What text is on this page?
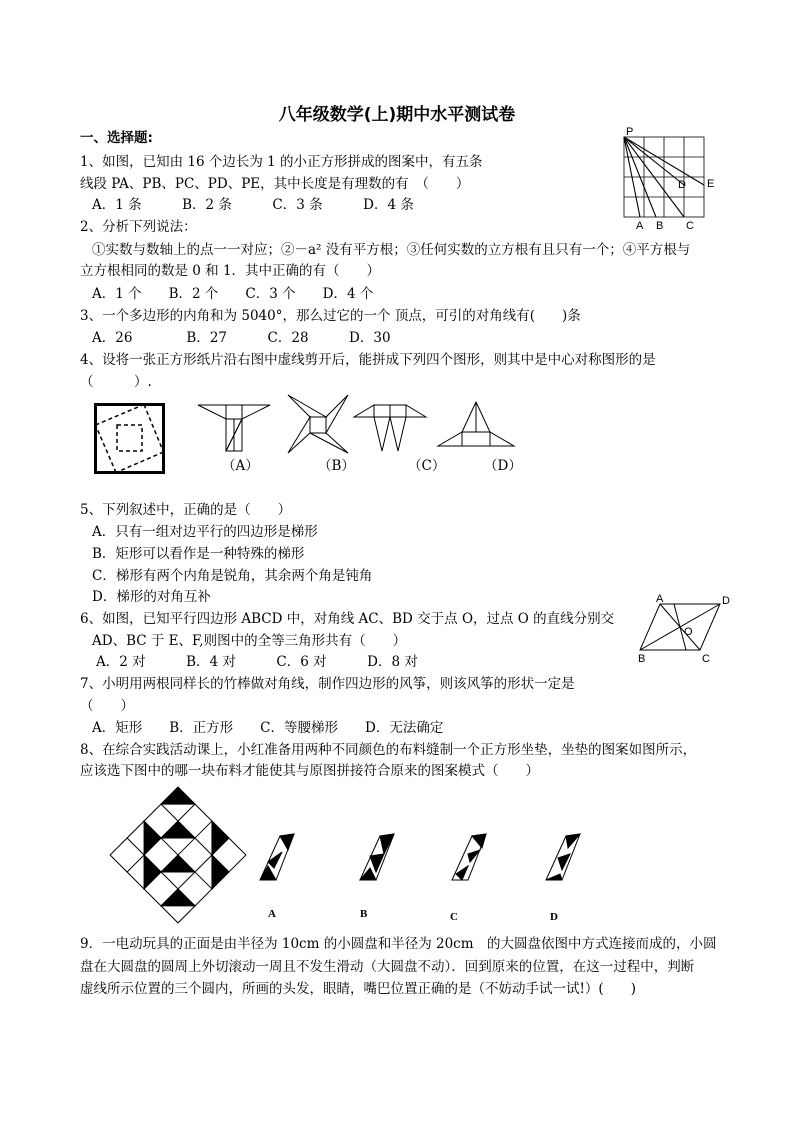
八年级数学(上)期中水平测试卷
一、选择题:
1、如图，已知由 16 个边长为 1 的小正方形拼成的图案中，有五条
线段 PA、PB、PC、PD、PE，其中长度是有理数的有　（　　）
A．1 条　　　B．2 条　　　C．3 条　　　D．4 条
P
A B C
D E
2、分析下列说法：
①实数与数轴上的点一一对应；②－a² 没有平方根；③任何实数的立方根有且只有一个；④平方根与
立方根相同的数是 0 和 1．其中正确的有（　　）
A．1 个　　B．2 个　　C．3 个　　D．4 个
3、一个多边形的内角和为 5040°，那么过它的一个 顶点，可引的对角线有(　　)条
A．26　　　　B．27　　　C．28　　　D．30
4、设将一张正方形纸片沿右图中虚线剪开后，能拼成下列四个图形，则其中是中心对称图形的是
（　　　）.
（A）	（B）	（C）	（D）
5、下列叙述中，正确的是（　　）
A．只有一组对边平行的四边形是梯形
B．矩形可以看作是一种特殊的梯形
C．梯形有两个内角是锐角，其余两个角是钝角
D．梯形的对角互补
6、如图，已知平行四边形 ABCD 中，对角线 AC、BD 交于点 O，过点 O 的直线分别交
AD、BC 于 E、F,则图中的全等三角形共有（　　）
A．2 对　　　B．4 对　　　C．6 对　　　D．8 对
A	D
O
B	C
7、小明用两根同样长的竹棒做对角线，制作四边形的风筝，则该风筝的形状一定是
（　　）
A．矩形　　B．正方形　　C．等腰梯形　　D．无法确定
8、在综合实践活动课上，小红准备用两种不同颜色的布料缝制一个正方形坐垫，坐垫的图案如图所示，
应该选下图中的哪一块布料才能使其与原图拼接符合原来的图案模式（　　）
A	B	C	D
9．一电动玩具的正面是由半径为 10cm 的小圆盘和半径为 20cm　的大圆盘依图中方式连接而成的，小圆
盘在大圆盘的圆周上外切滚动一周且不发生滑动（大圆盘不动）．回到原来的位置，在这一过程中，判断
虚线所示位置的三个圆内，所画的头发，眼睛，嘴巴位置正确的是（不妨动手试一试!）(　　)
